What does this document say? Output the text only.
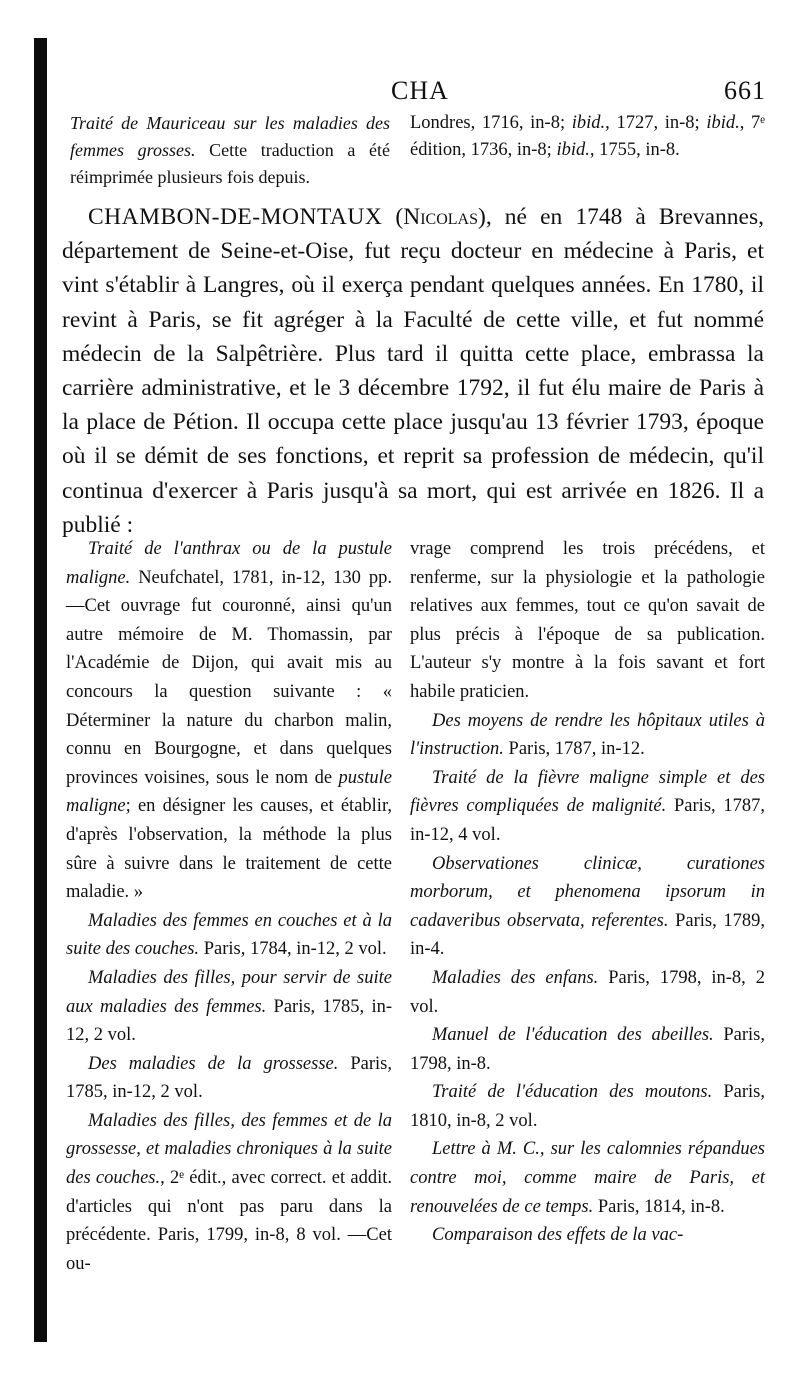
CHA	661

Traité de Mauriceau sur les maladies des femmes grosses. Cette traduction a été réimprimée plusieurs fois depuis.

Londres, 1716, in-8; ibid., 1727, in-8; ibid., 7ᵉ édition, 1736, in-8; ibid., 1755, in-8.

CHAMBON-DE-MONTAUX (Nicolas), né en 1748 à Brevannes, département de Seine-et-Oise, fut reçu docteur en médecine à Paris, et vint s'établir à Langres, où il exerça pendant quelques années. En 1780, il revint à Paris, se fit agréger à la Faculté de cette ville, et fut nommé médecin de la Salpêtrière. Plus tard il quitta cette place, embrassa la carrière administrative, et le 3 décembre 1792, il fut élu maire de Paris à la place de Pétion. Il occupa cette place jusqu'au 13 février 1793, époque où il se démit de ses fonctions, et reprit sa profession de médecin, qu'il continua d'exercer à Paris jusqu'à sa mort, qui est arrivée en 1826. Il a publié :

Traité de l'anthrax ou de la pustule maligne. Neufchatel, 1781, in-12, 130 pp.—Cet ouvrage fut couronné, ainsi qu'un autre mémoire de M. Thomassin, par l'Académie de Dijon, qui avait mis au concours la question suivante : « Déterminer la nature du charbon malin, connu en Bourgogne, et dans quelques provinces voisines, sous le nom de pustule maligne; en désigner les causes, et établir, d'après l'observation, la méthode la plus sûre à suivre dans le traitement de cette maladie. »

Maladies des femmes en couches et à la suite des couches. Paris, 1784, in-12, 2 vol.

Maladies des filles, pour servir de suite aux maladies des femmes. Paris, 1785, in-12, 2 vol.

Des maladies de la grossesse. Paris, 1785, in-12, 2 vol.

Maladies des filles, des femmes et de la grossesse, et maladies chroniques à la suite des couches., 2ᵉ édit., avec correct. et addit. d'articles qui n'ont pas paru dans la précédente. Paris, 1799, in-8, 8 vol. —Cet ou-

vrage comprend les trois précédens, et renferme, sur la physiologie et la pathologie relatives aux femmes, tout ce qu'on savait de plus précis à l'époque de sa publication. L'auteur s'y montre à la fois savant et fort habile praticien.

Des moyens de rendre les hôpitaux utiles à l'instruction. Paris, 1787, in-12.

Traité de la fièvre maligne simple et des fièvres compliquées de malignité. Paris, 1787, in-12, 4 vol.

Observationes clinicæ, curationes morborum, et phenomena ipsorum in cadaveribus observata, referentes. Paris, 1789, in-4.

Maladies des enfans. Paris, 1798, in-8, 2 vol.

Manuel de l'éducation des abeilles. Paris, 1798, in-8.

Traité de l'éducation des moutons. Paris, 1810, in-8, 2 vol.

Lettre à M. C., sur les calomnies répandues contre moi, comme maire de Paris, et renouvelées de ce temps. Paris, 1814, in-8.

Comparaison des effets de la vac-
